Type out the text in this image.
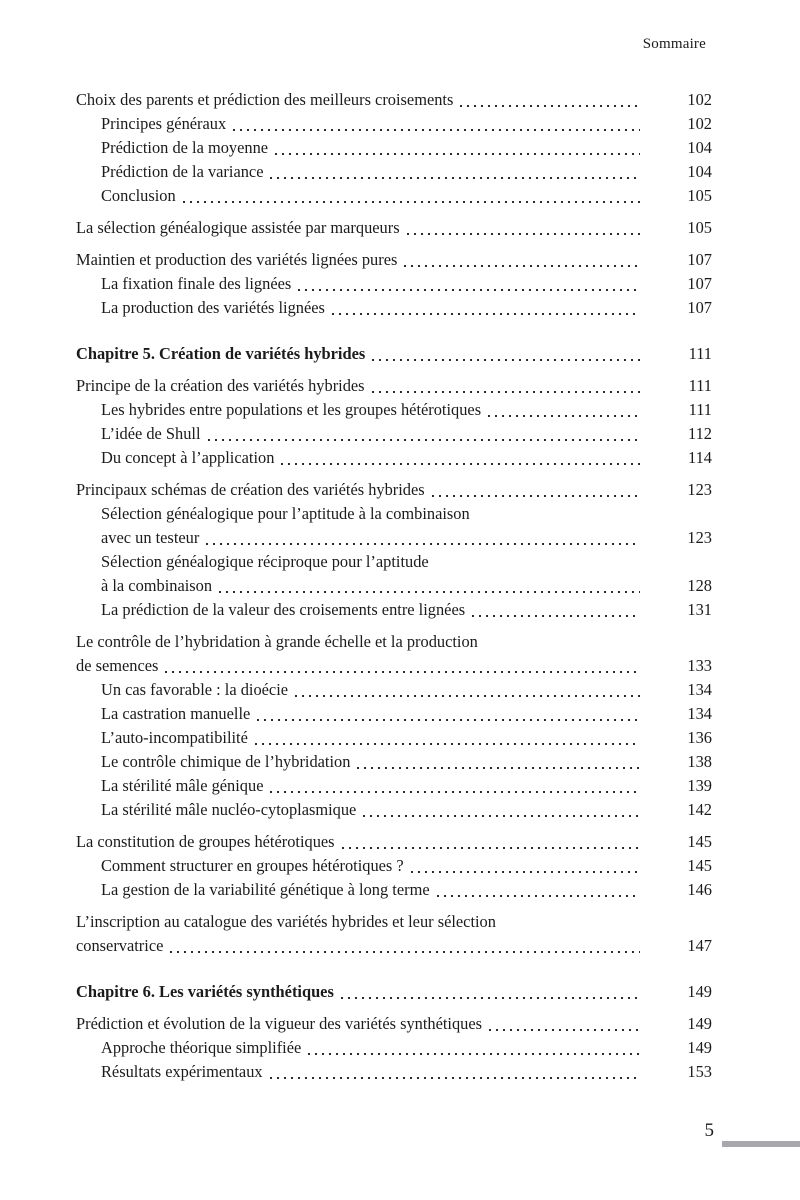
Sommaire
Choix des parents et prédiction des meilleurs croisements	102
Principes généraux	102
Prédiction de la moyenne	104
Prédiction de la variance	104
Conclusion	105
La sélection généalogique assistée par marqueurs	105
Maintien et production des variétés lignées pures	107
La fixation finale des lignées	107
La production des variétés lignées	107
Chapitre 5. Création de variétés hybrides	111
Principe de la création des variétés hybrides	111
Les hybrides entre populations et les groupes hétérotiques	111
L’idée de Shull	112
Du concept à l’application	114
Principaux schémas de création des variétés hybrides	123
Sélection généalogique pour l’aptitude à la combinaison
avec un testeur	123
Sélection généalogique réciproque pour l’aptitude
à la combinaison	128
La prédiction de la valeur des croisements entre lignées	131
Le contrôle de l’hybridation à grande échelle et la production
de semences	133
Un cas favorable : la dioécie	134
La castration manuelle	134
L’auto-incompatibilité	136
Le contrôle chimique de l’hybridation	138
La stérilité mâle génique	139
La stérilité mâle nucléo-cytoplasmique	142
La constitution de groupes hétérotiques	145
Comment structurer en groupes hétérotiques ?	145
La gestion de la variabilité génétique à long terme	146
L’inscription au catalogue des variétés hybrides et leur sélection
conservatrice	147
Chapitre 6. Les variétés synthétiques	149
Prédiction et évolution de la vigueur des variétés synthétiques	149
Approche théorique simplifiée	149
Résultats expérimentaux	153
5
